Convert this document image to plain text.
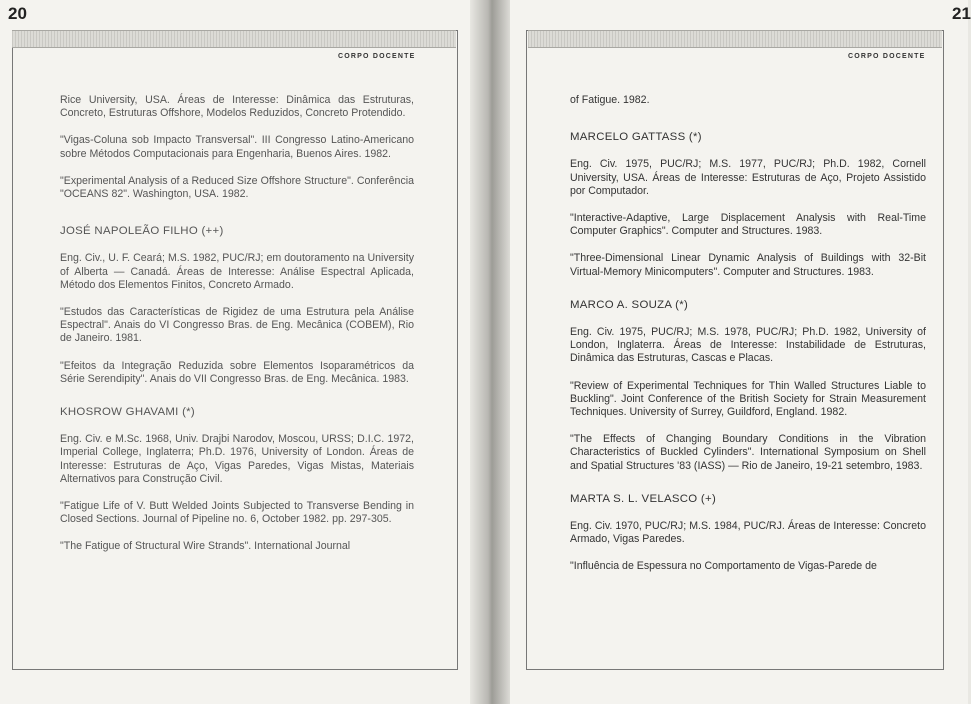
20	21
CORPO DOCENTE	CORPO DOCENTE

Rice University, USA. Áreas de Interesse: Dinâmica das Estruturas, Concreto, Estruturas Offshore, Modelos Reduzidos, Concreto Protendido.

"Vigas-Coluna sob Impacto Transversal". III Congresso Latino-Americano sobre Métodos Computacionais para Engenharia, Buenos Aires. 1982.

"Experimental Analysis of a Reduced Size Offshore Structure". Conferência "OCEANS 82". Washington, USA. 1982.

JOSÉ NAPOLEÃO FILHO (++)

Eng. Civ., U. F. Ceará; M.S. 1982, PUC/RJ; em doutoramento na University of Alberta — Canadá. Áreas de Interesse: Análise Espectral Aplicada, Método dos Elementos Finitos, Concreto Armado.

"Estudos das Características de Rigidez de uma Estrutura pela Análise Espectral". Anais do VI Congresso Bras. de Eng. Mecânica (COBEM), Rio de Janeiro. 1981.

"Efeitos da Integração Reduzida sobre Elementos Isoparamétricos da Série Serendipity". Anais do VII Congresso Bras. de Eng. Mecânica. 1983.

KHOSROW GHAVAMI (*)

Eng. Civ. e M.Sc. 1968, Univ. Drajbi Narodov, Moscou, URSS; D.I.C. 1972, Imperial College, Inglaterra; Ph.D. 1976, University of London. Áreas de Interesse: Estruturas de Aço, Vigas Paredes, Vigas Mistas, Materiais Alternativos para Construção Civil.

"Fatigue Life of V. Butt Welded Joints Subjected to Transverse Bending in Closed Sections. Journal of Pipeline no. 6, October 1982. pp. 297-305.

"The Fatigue of Structural Wire Strands". International Journal

of Fatigue. 1982.

MARCELO GATTASS (*)

Eng. Civ. 1975, PUC/RJ; M.S. 1977, PUC/RJ; Ph.D. 1982, Cornell University, USA. Áreas de Interesse: Estruturas de Aço, Projeto Assistido por Computador.

"Interactive-Adaptive, Large Displacement Analysis with Real-Time Computer Graphics". Computer and Structures. 1983.

"Three-Dimensional Linear Dynamic Analysis of Buildings with 32-Bit Virtual-Memory Minicomputers". Computer and Structures. 1983.

MARCO A. SOUZA (*)

Eng. Civ. 1975, PUC/RJ; M.S. 1978, PUC/RJ; Ph.D. 1982, University of London, Inglaterra. Áreas de Interesse: Instabilidade de Estruturas, Dinâmica das Estruturas, Cascas e Placas.

"Review of Experimental Techniques for Thin Walled Structures Liable to Buckling". Joint Conference of the British Society for Strain Measurement Techniques. University of Surrey, Guildford, England. 1982.

"The Effects of Changing Boundary Conditions in the Vibration Characteristics of Buckled Cylinders". International Symposium on Shell and Spatial Structures '83 (IASS) — Rio de Janeiro, 19-21 setembro, 1983.

MARTA S. L. VELASCO (+)

Eng. Civ. 1970, PUC/RJ; M.S. 1984, PUC/RJ. Áreas de Interesse: Concreto Armado, Vigas Paredes.

"Influência de Espessura no Comportamento de Vigas-Parede de
